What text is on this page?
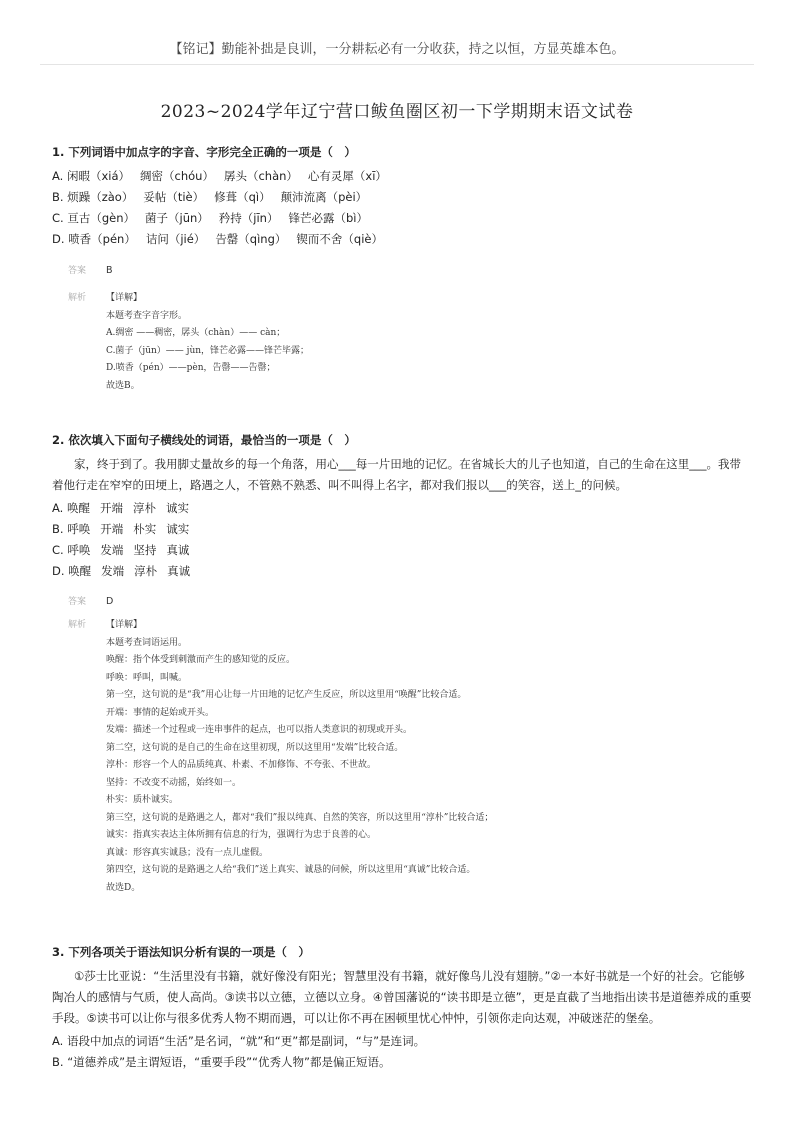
【铭记】勤能补拙是良训，一分耕耘必有一分收获，持之以恒，方显英雄本色。
2023~2024学年辽宁营口鲅鱼圈区初一下学期期末语文试卷
1. 下列词语中加点字的字音、字形完全正确的一项是（　）
A. 闲暇（xiá） 绸密（chóu） 孱头（chàn） 心有灵犀（xī）
B. 烦躁（zào） 妥帖（tiè） 修葺（qì） 颠沛流离（pèi）
C. 亘古（gèn） 菌子（jūn） 矜持（jīn） 锋芒必露（bì）
D. 喷香（pén） 诘问（jié） 告罄（qìng） 锲而不舍（qiè）
答案 B
解析	【详解】
本题考查字音字形。
A.绸密 ——稠密，孱头（chàn）—— càn；
C.菌子（jūn）—— jùn，锋芒必露——锋芒毕露；
D.喷香（pén）——pèn，告罄——告罄；
故选B。
2. 依次填入下面句子横线处的词语，最恰当的一项是（　）
家，终于到了。我用脚丈量故乡的每一个角落，用心___每一片田地的记忆。在省城长大的儿子也知道，自己的生命在这里___。我带着他行走在窄窄的田埂上，路遇之人，不管熟不熟悉、叫不叫得上名字，都对我们报以___的笑容，送上_的问候。
A. 唤醒 开端 淳朴 诚实
B. 呼唤 开端 朴实 诚实
C. 呼唤 发端 坚持 真诚
D. 唤醒 发端 淳朴 真诚
答案 D
解析	【详解】
本题考查词语运用。
唤醒：指个体受到刺激而产生的感知觉的反应。
呼唤：呼叫，叫喊。
第一空，这句说的是“我”用心让每一片田地的记忆产生反应，所以这里用“唤醒”比较合适。
开端：事情的起始或开头。
发端：描述一个过程或一连串事件的起点，也可以指人类意识的初现或开头。
第二空，这句说的是自己的生命在这里初现，所以这里用“发端”比较合适。
淳朴：形容一个人的品质纯真、朴素、不加修饰、不夸张、不世故。
坚持：不改变不动摇，始终如一。
朴实：质朴诚实。
第三空，这句说的是路遇之人，都对“我们”报以纯真、自然的笑容，所以这里用“淳朴”比较合适；
诚实：指真实表达主体所拥有信息的行为，强调行为忠于良善的心。
真诚：形容真实诚恳；没有一点儿虚假。
第四空，这句说的是路遇之人给“我们”送上真实、诚恳的问候，所以这里用“真诚”比较合适。
故选D。
3. 下列各项关于语法知识分析有误的一项是（　）
①莎士比亚说：“生活里没有书籍，就好像没有阳光；智慧里没有书籍，就好像鸟儿没有翅膀。”②一本好书就是一个好的社会。它能够陶冶人的感情与气质，使人高尚。③读书以立德，立德以立身。④曾国藩说的“读书即是立德”，更是直截了当地指出读书是道德养成的重要手段。⑤读书可以让你与很多优秀人物不期而遇，可以让你不再在困顿里忧心忡忡，引领你走向达观，冲破迷茫的堡垒。
A. 语段中加点的词语“生活”是名词，“就”和“更”都是副词，“与”是连词。
B. “道德养成”是主谓短语，“重要手段”“优秀人物”都是偏正短语。
